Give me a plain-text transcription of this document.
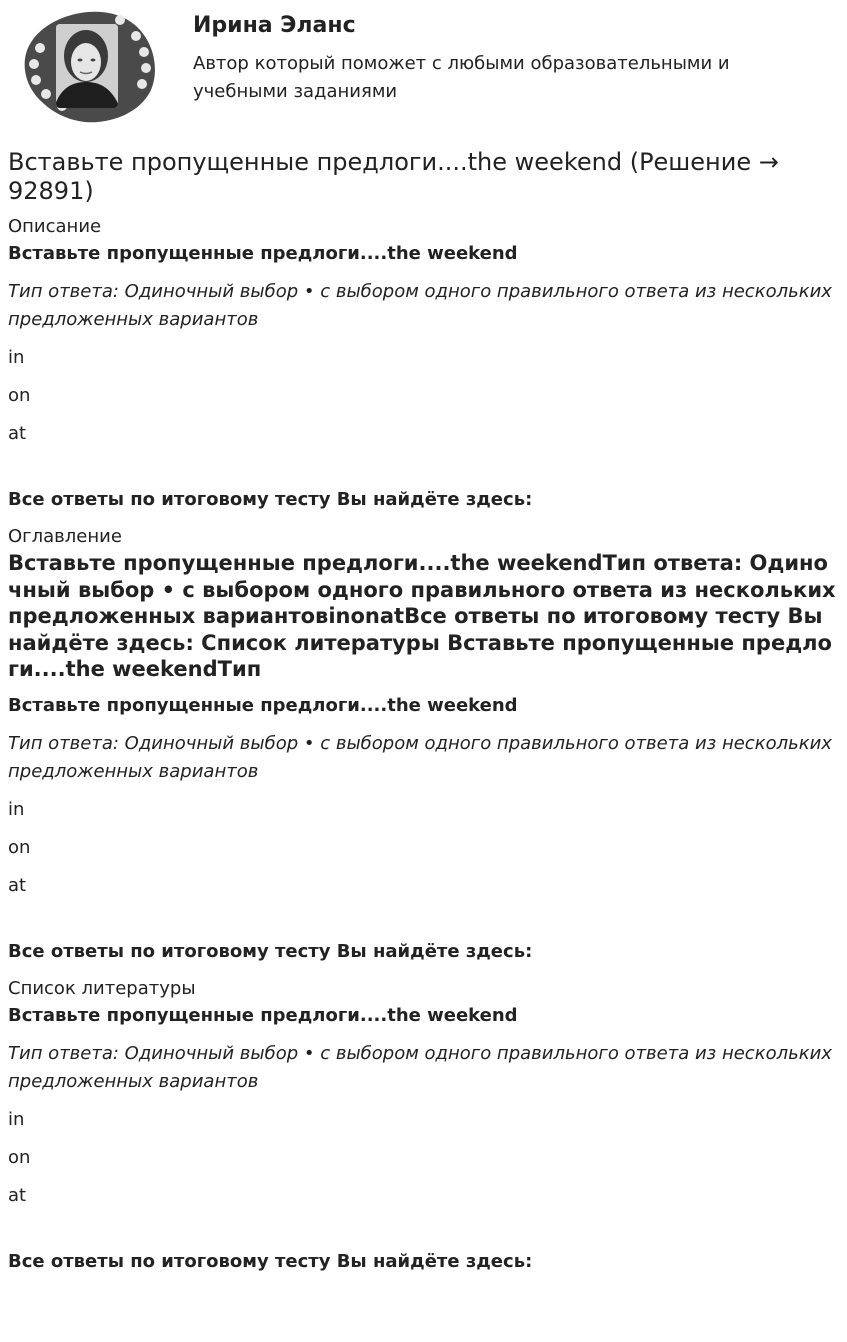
Ирина Эланс

Автор который поможет с любыми образовательными и учебными заданиями

Вставьте пропущенные предлоги....the weekend (Решение → 92891)

Описание

Вставьте пропущенные предлоги....the weekend

Тип ответа: Одиночный выбор • с выбором одного правильного ответа из нескольких предложенных вариантов

in

on

at

Все ответы по итоговому тесту Вы найдёте здесь:

Оглавление

Вставьте пропущенные предлоги....the weekendТип ответа: Одиночный выбор • с выбором одного правильного ответа из нескольких предложенных вариантовinonatВсе ответы по итоговому тесту Вы найдёте здесь: Список литературы Вставьте пропущенные предлоги....the weekendТип

Вставьте пропущенные предлоги....the weekend

Тип ответа: Одиночный выбор • с выбором одного правильного ответа из нескольких предложенных вариантов

in

on

at

Все ответы по итоговому тесту Вы найдёте здесь:

Список литературы

Вставьте пропущенные предлоги....the weekend

Тип ответа: Одиночный выбор • с выбором одного правильного ответа из нескольких предложенных вариантов

in

on

at

Все ответы по итоговому тесту Вы найдёте здесь:
